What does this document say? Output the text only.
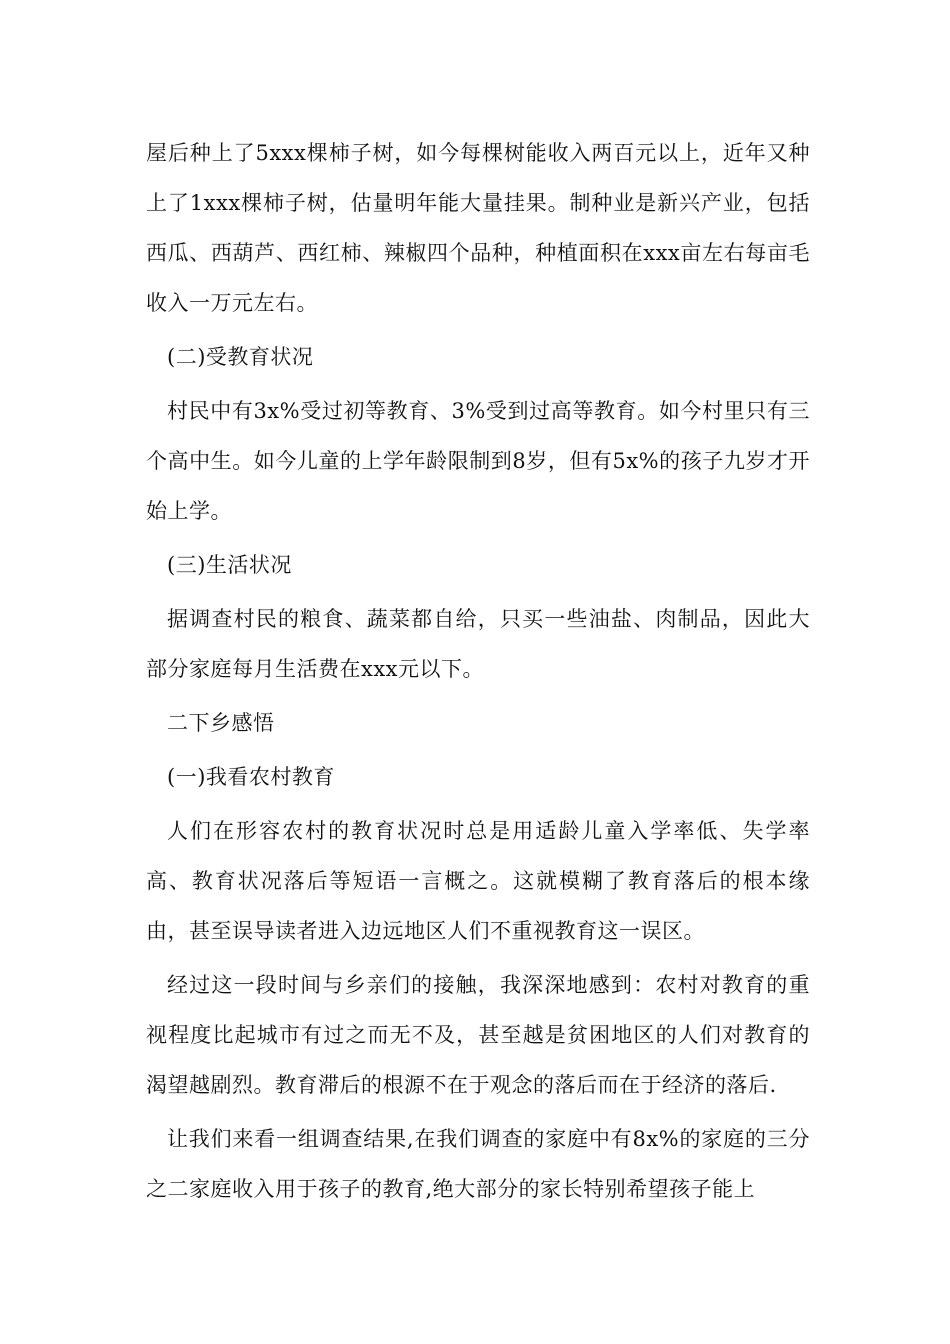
屋后种上了5xxx棵柿子树，如今每棵树能收入两百元以上，近年又种上了1xxx棵柿子树，估量明年能大量挂果。制种业是新兴产业，包括西瓜、西葫芦、西红柿、辣椒四个品种，种植面积在xxx亩左右每亩毛收入一万元左右。

(二)受教育状况

村民中有3x%受过初等教育、3%受到过高等教育。如今村里只有三个高中生。如今儿童的上学年龄限制到8岁，但有5x%的孩子九岁才开始上学。

(三)生活状况

据调查村民的粮食、蔬菜都自给，只买一些油盐、肉制品，因此大部分家庭每月生活费在xxx元以下。

二下乡感悟

(一)我看农村教育

人们在形容农村的教育状况时总是用适龄儿童入学率低、失学率高、教育状况落后等短语一言概之。这就模糊了教育落后的根本缘由，甚至误导读者进入边远地区人们不重视教育这一误区。

经过这一段时间与乡亲们的接触，我深深地感到：农村对教育的重视程度比起城市有过之而无不及，甚至越是贫困地区的人们对教育的渴望越剧烈。教育滞后的根源不在于观念的落后而在于经济的落后.

让我们来看一组调查结果,在我们调查的家庭中有8x%的家庭的三分之二家庭收入用于孩子的教育,绝大部分的家长特别希望孩子能上
